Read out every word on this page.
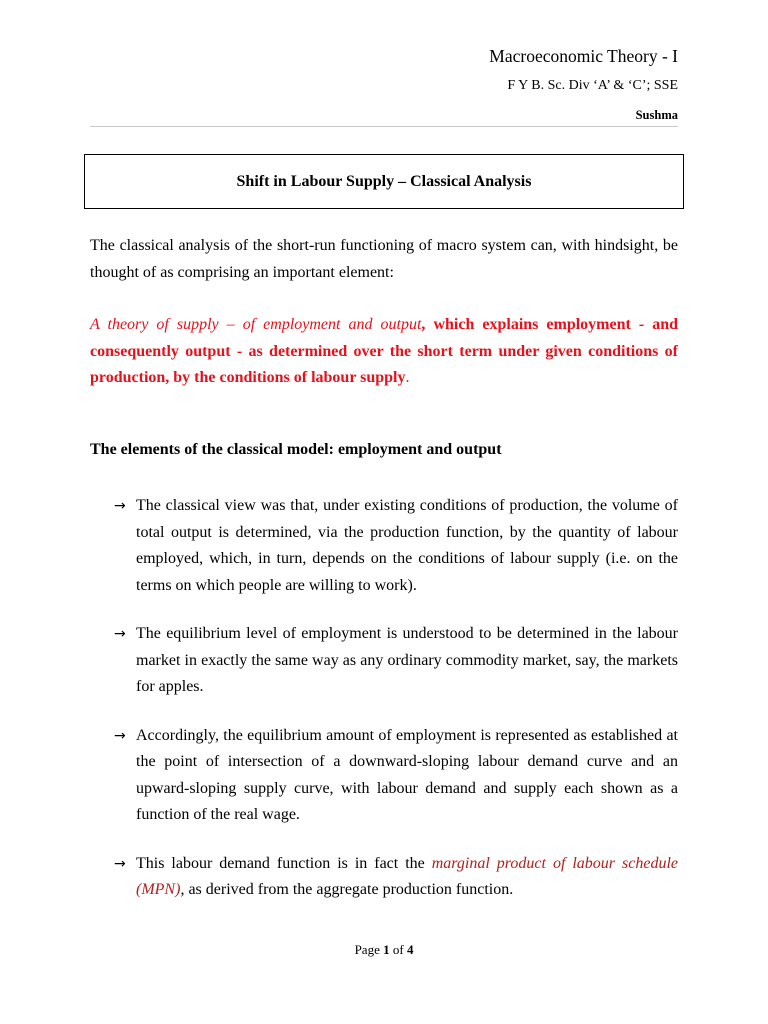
Macroeconomic Theory - I
F Y B. Sc. Div ‘A’ & ‘C’; SSE
Sushma
Shift in Labour Supply – Classical Analysis

The classical analysis of the short-run functioning of macro system can, with hindsight, be thought of as comprising an important element:

A theory of supply – of employment and output, which explains employment - and consequently output - as determined over the short term under given conditions of production, by the conditions of labour supply.

The elements of the classical model: employment and output

→ The classical view was that, under existing conditions of production, the volume of total output is determined, via the production function, by the quantity of labour employed, which, in turn, depends on the conditions of labour supply (i.e. on the terms on which people are willing to work).
→ The equilibrium level of employment is understood to be determined in the labour market in exactly the same way as any ordinary commodity market, say, the markets for apples.
→ Accordingly, the equilibrium amount of employment is represented as established at the point of intersection of a downward-sloping labour demand curve and an upward-sloping supply curve, with labour demand and supply each shown as a function of the real wage.
→ This labour demand function is in fact the marginal product of labour schedule (MPN), as derived from the aggregate production function.
Page 1 of 4
